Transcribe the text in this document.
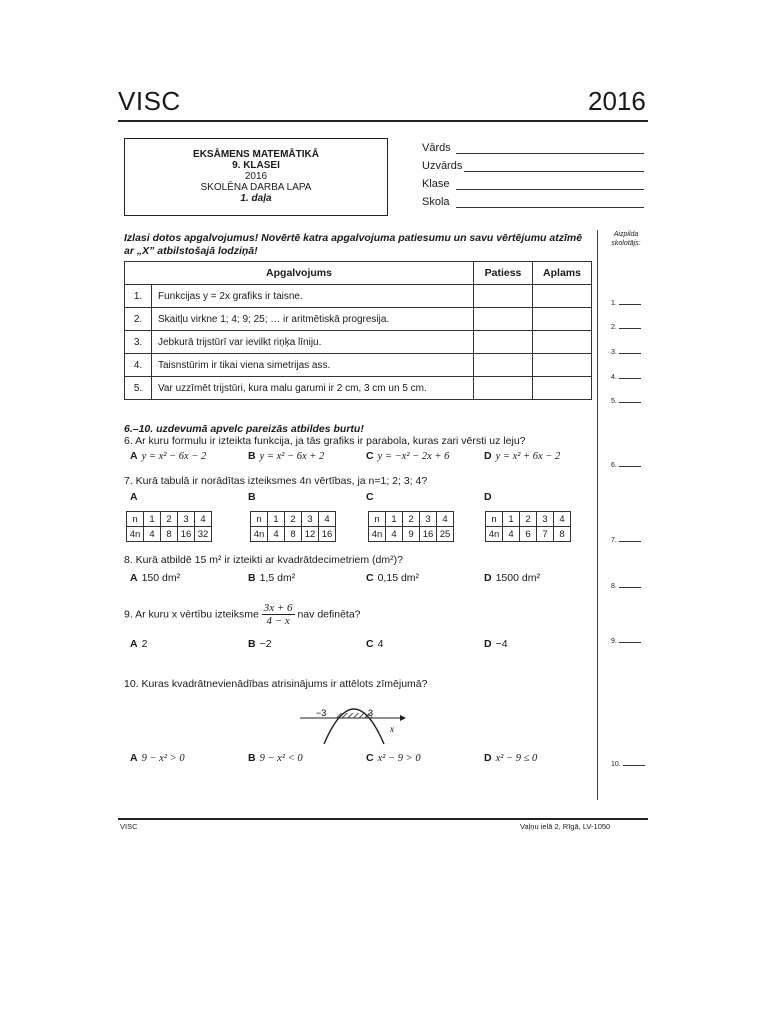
VISC	2016
EKSĀMENS MATEMĀTIKĀ
9. KLASEI
2016
SKOLĒNA DARBA LAPA
1. daļa
Vārds
Uzvārds
Klase
Skola
Aizpilda skolotājs:
Izlasi dotos apgalvojumus! Novērtē katra apgalvojuma patiesumu un savu vērtējumu atzīmē ar „X” atbilstošajā lodziņā!
Apgalvojums		Patiess	Aplams
1.	Funkcijas y = 2x grafiks ir taisne.		
2.	Skaitļu virkne 1; 4; 9; 25; … ir aritmētiskā progresija.		
3.	Jebkurā trijstūrī var ievilkt riņķa līniju.		
4.	Taisnstūrim ir tikai viena simetrijas ass.		
5.	Var uzzīmēt trijstūri, kura malu garumi ir 2 cm, 3 cm un 5 cm.		
1.
2.
3.
4.
5.
6.
7.
8.
9.
10.
6.–10. uzdevumā apvelc pareizās atbildes burtu!
6. Ar kuru formulu ir izteikta funkcija, ja tās grafiks ir parabola, kuras zari vērsti uz leju?
A y = x² − 6x − 2	B y = x² − 6x + 2	C y = −x² − 2x + 6	D y = x² + 6x − 2
7. Kurā tabulā ir norādītas izteiksmes 4n vērtības, ja n=1; 2; 3; 4?
A	B	C	D
n	1	2	3	4
4n	4	8	16	32
n	1	2	3	4
4n	4	8	12	16
n	1	2	3	4
4n	4	9	16	25
n	1	2	3	4
4n	4	6	7	8
8. Kurā atbildē 15 m² ir izteikti ar kvadrātdecimetriem (dm²)?
A 150 dm²	B 1,5 dm²	C 0,15 dm²	D 1500 dm²
9. Ar kuru x vērtību izteiksme $\frac{3x + 6}{4 - x}$ nav definēta?
A 2	B −2	C 4	D −4
10. Kuras kvadrātnevienādības atrisinājums ir attēlots zīmējumā?
−3	3
x
A 9 − x² > 0	B 9 − x² < 0	C x² − 9 > 0	D x² − 9 ≤ 0
VISC	Vaļņu ielā 2, Rīgā, LV-1050
